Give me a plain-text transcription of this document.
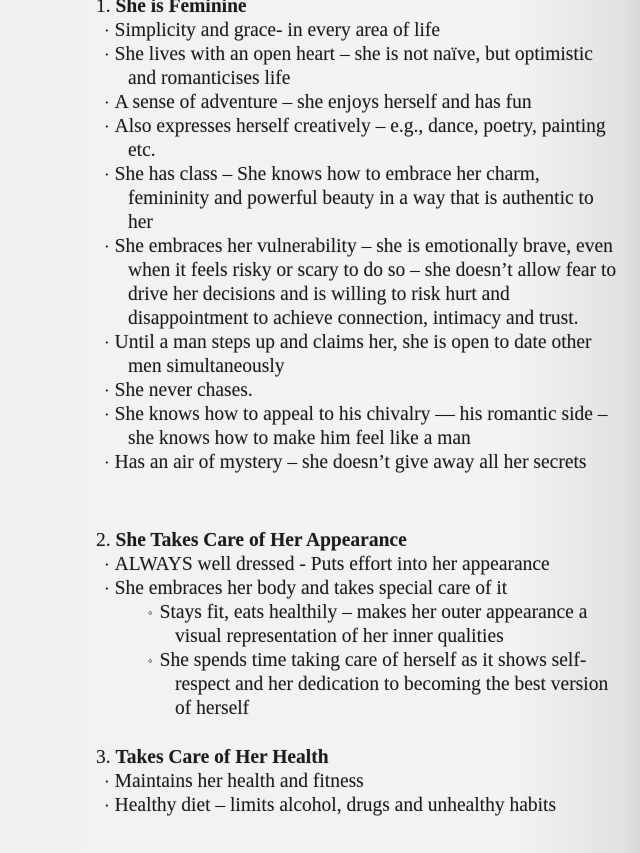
1. She is Feminine
· Simplicity and grace- in every area of life
· She lives with an open heart – she is not naïve, but optimistic and romanticises life
· A sense of adventure – she enjoys herself and has fun
· Also expresses herself creatively – e.g., dance, poetry, painting etc.
· She has class – She knows how to embrace her charm, femininity and powerful beauty in a way that is authentic to her
· She embraces her vulnerability – she is emotionally brave, even when it feels risky or scary to do so – she doesn’t allow fear to drive her decisions and is willing to risk hurt and disappointment to achieve connection, intimacy and trust.
· Until a man steps up and claims her, she is open to date other men simultaneously
· She never chases.
· She knows how to appeal to his chivalry — his romantic side – she knows how to make him feel like a man
· Has an air of mystery – she doesn’t give away all her secrets
2. She Takes Care of Her Appearance
· ALWAYS well dressed - Puts effort into her appearance
· She embraces her body and takes special care of it
◦ Stays fit, eats healthily – makes her outer appearance a visual representation of her inner qualities
◦ She spends time taking care of herself as it shows self-respect and her dedication to becoming the best version of herself
3. Takes Care of Her Health
· Maintains her health and fitness
· Healthy diet – limits alcohol, drugs and unhealthy habits
